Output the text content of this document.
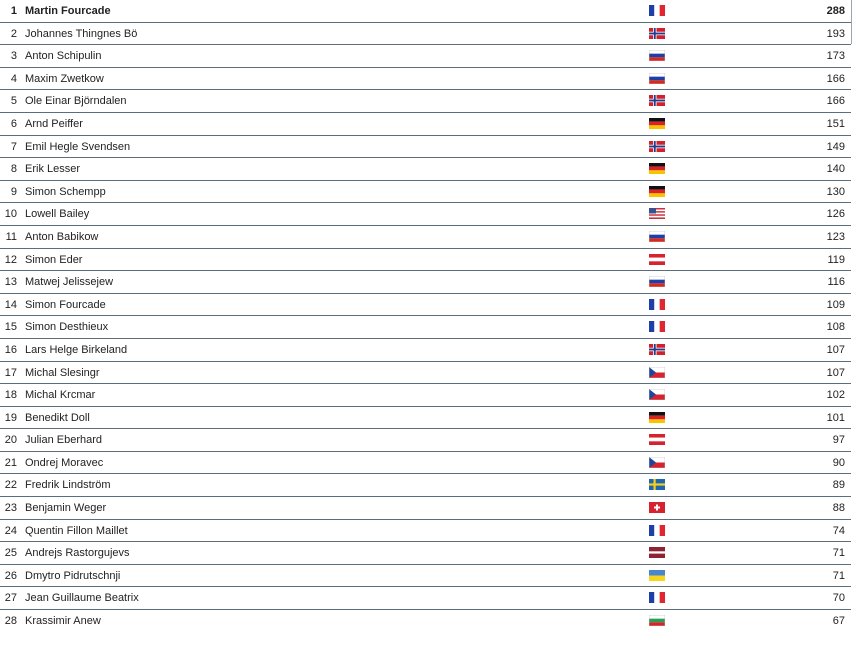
1 Martin Fourcade	288
2 Johannes Thingnes Bö	193
3 Anton Schipulin	173
4 Maxim Zwetkow	166
5 Ole Einar Björndalen	166
6 Arnd Peiffer	151
7 Emil Hegle Svendsen	149
8 Erik Lesser	140
9 Simon Schempp	130
10 Lowell Bailey	126
11 Anton Babikow	123
12 Simon Eder	119
13 Matwej Jelissejew	116
14 Simon Fourcade	109
15 Simon Desthieux	108
16 Lars Helge Birkeland	107
17 Michal Slesingr	107
18 Michal Krcmar	102
19 Benedikt Doll	101
20 Julian Eberhard	97
21 Ondrej Moravec	90
22 Fredrik Lindström	89
23 Benjamin Weger	88
24 Quentin Fillon Maillet	74
25 Andrejs Rastorgujevs	71
26 Dmytro Pidrutschnji	71
27 Jean Guillaume Beatrix	70
28 Krassimir Anew	67
